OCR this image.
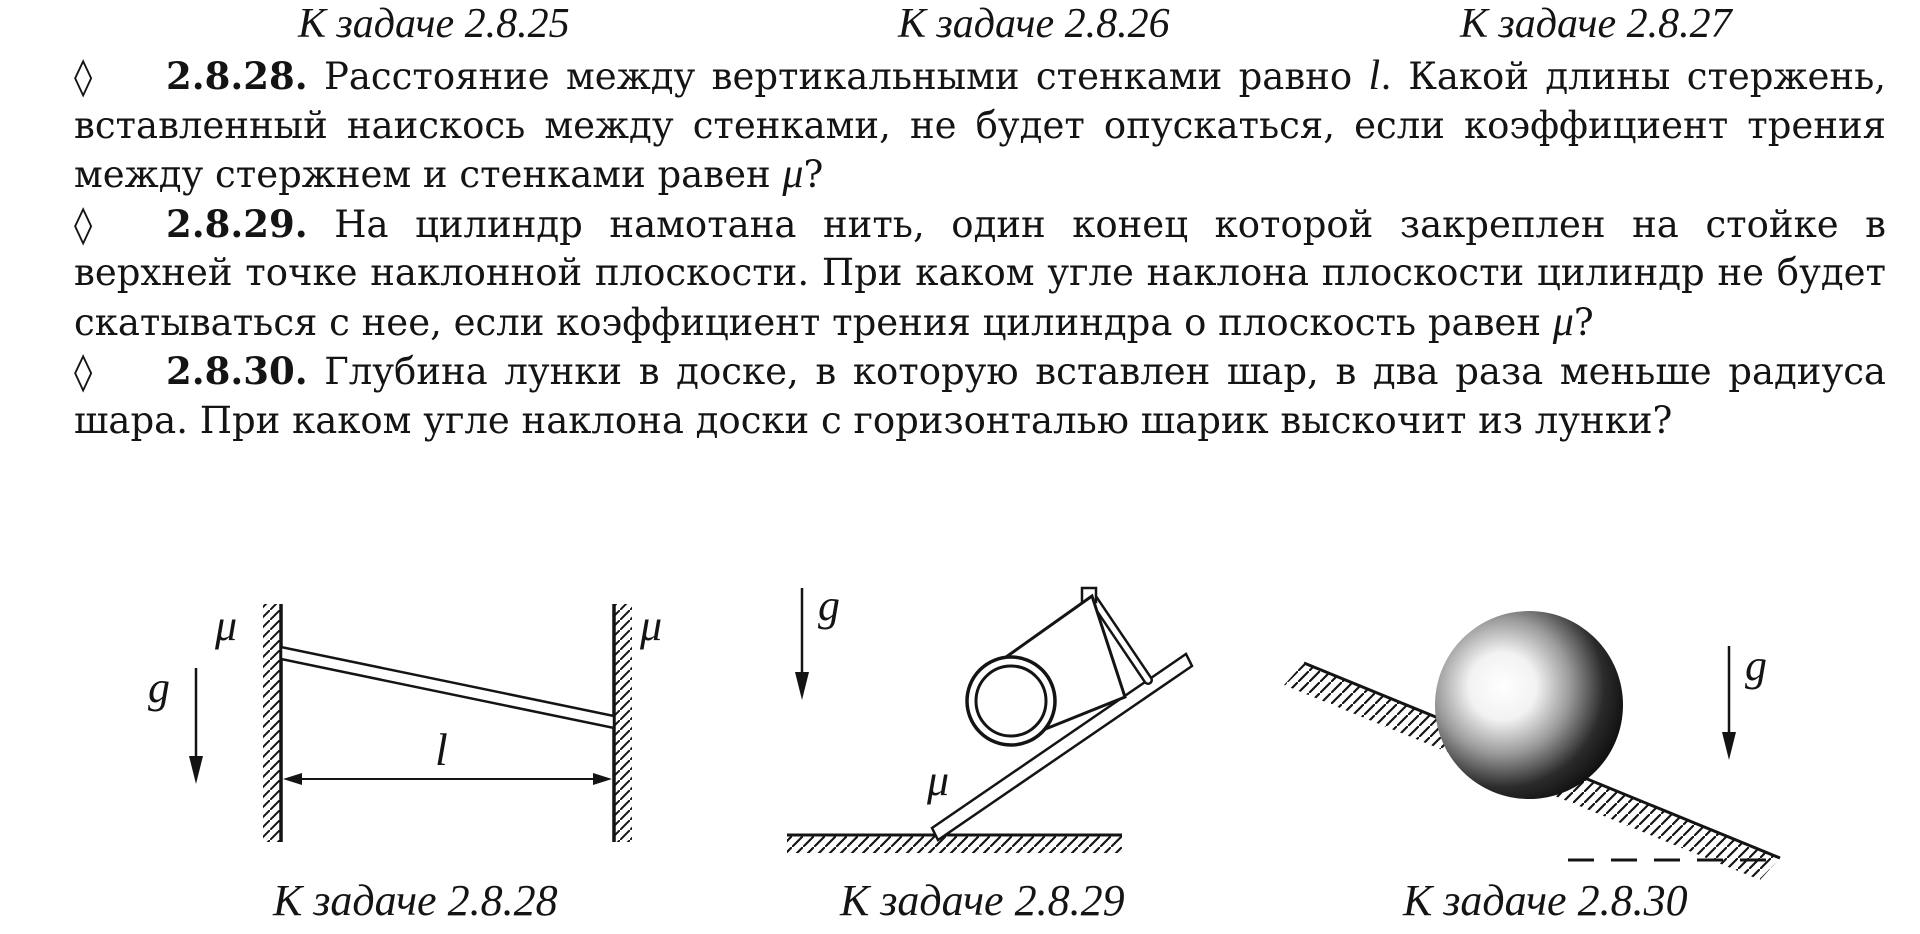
К задаче 2.8.25	К задаче 2.8.26	К задаче 2.8.27
◊ 2.8.28. Расстояние между вертикальными стенками равно l. Какой длины стержень, вставленный наискось между стенками, не будет опускаться, если коэффициент трения между стержнем и стенками равен μ?
◊ 2.8.29. На цилиндр намотана нить, один конец которой закреплен на стойке в верхней точке наклонной плоскости. При каком угле наклона плоскости цилиндр не будет скатываться с нее, если коэффициент трения цилиндра о плоскость равен μ?
◊ 2.8.30. Глубина лунки в доске, в которую вставлен шар, в два раза меньше радиуса шара. При каком угле наклона доски с горизонталью шарик выскочит из лунки?
l
g
μ	μ	g
μ
g
К задаче 2.8.28	К задаче 2.8.29	К задаче 2.8.30
